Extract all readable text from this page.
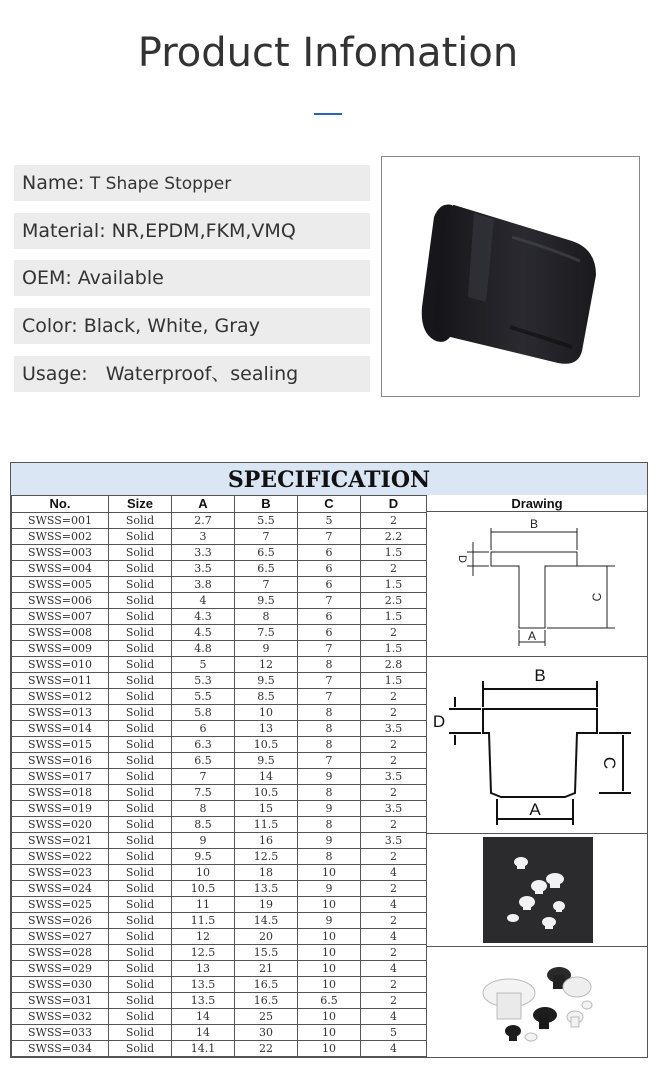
Product Infomation
Name: T Shape Stopper
Material: NR,EPDM,FKM,VMQ
OEM: Available
Color: Black, White, Gray
Usage:   Waterproof、sealing
SPECIFICATION
No.	Size	A	B	C	D
SWSS=001	Solid	2.7	5.5	5	2
SWSS=002	Solid	3	7	7	2.2
SWSS=003	Solid	3.3	6.5	6	1.5
SWSS=004	Solid	3.5	6.5	6	2
SWSS=005	Solid	3.8	7	6	1.5
SWSS=006	Solid	4	9.5	7	2.5
SWSS=007	Solid	4.3	8	6	1.5
SWSS=008	Solid	4.5	7.5	6	2
SWSS=009	Solid	4.8	9	7	1.5
SWSS=010	Solid	5	12	8	2.8
SWSS=011	Solid	5.3	9.5	7	1.5
SWSS=012	Solid	5.5	8.5	7	2
SWSS=013	Solid	5.8	10	8	2
SWSS=014	Solid	6	13	8	3.5
SWSS=015	Solid	6.3	10.5	8	2
SWSS=016	Solid	6.5	9.5	7	2
SWSS=017	Solid	7	14	9	3.5
SWSS=018	Solid	7.5	10.5	8	2
SWSS=019	Solid	8	15	9	3.5
SWSS=020	Solid	8.5	11.5	8	2
SWSS=021	Solid	9	16	9	3.5
SWSS=022	Solid	9.5	12.5	8	2
SWSS=023	Solid	10	18	10	4
SWSS=024	Solid	10.5	13.5	9	2
SWSS=025	Solid	11	19	10	4
SWSS=026	Solid	11.5	14.5	9	2
SWSS=027	Solid	12	20	10	4
SWSS=028	Solid	12.5	15.5	10	2
SWSS=029	Solid	13	21	10	4
SWSS=030	Solid	13.5	16.5	10	2
SWSS=031	Solid	13.5	16.5	6.5	2
SWSS=032	Solid	14	25	10	4
SWSS=033	Solid	14	30	10	5
SWSS=034	Solid	14.1	22	10	4
Drawing
B
D
C
A
B
D
C
A
